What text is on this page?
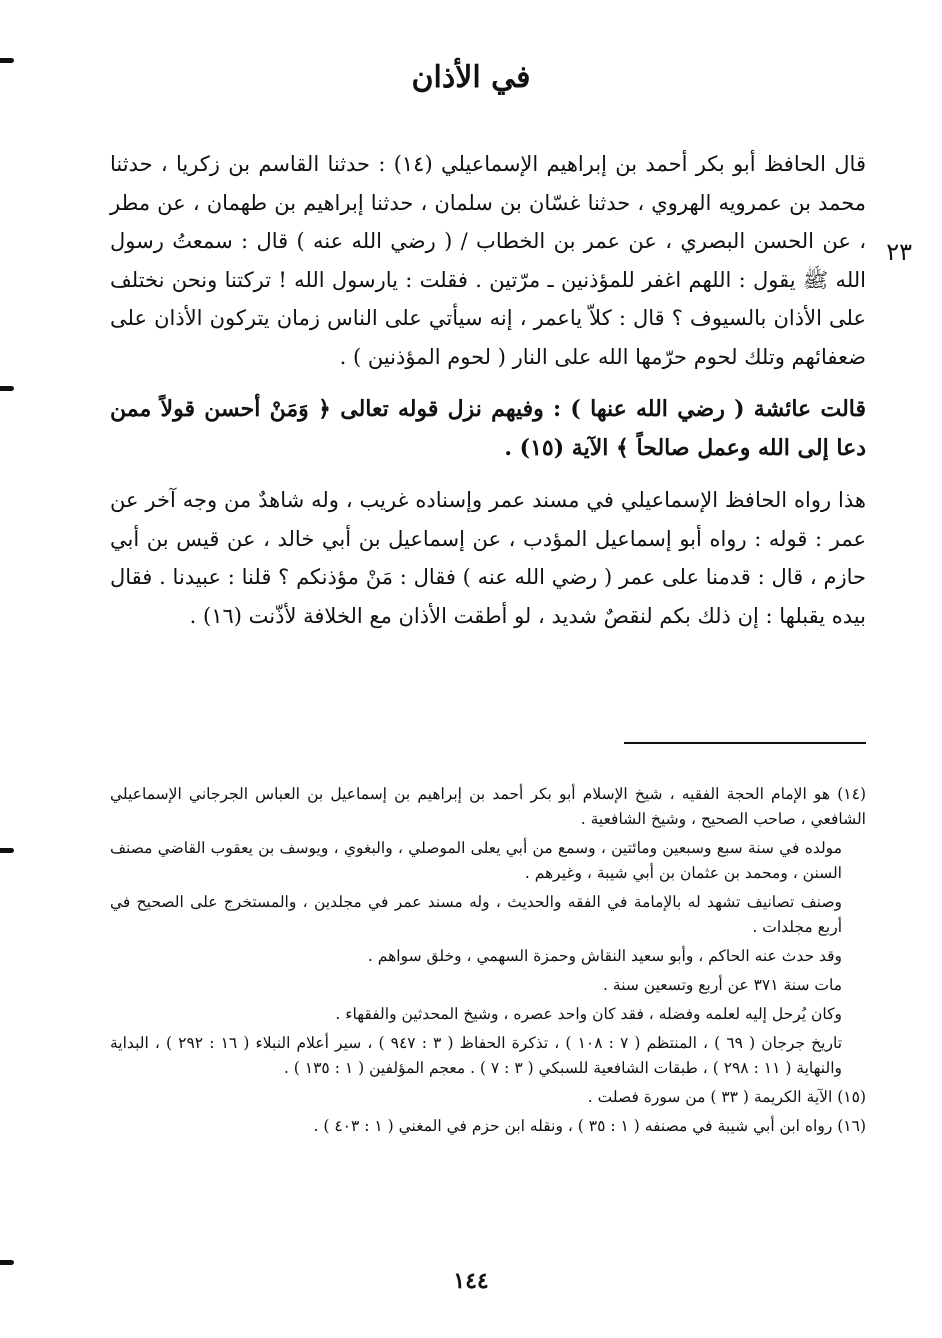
في الأذان
٢٣

قال الحافظ أبو بكر أحمد بن إبراهيم الإسماعيلي (١٤) : حدثنا القاسم بن زكريا ، حدثنا محمد بن عمرويه الهروي ، حدثنا غسّان بن سلمان ، حدثنا إبراهيم بن طهمان ، عن مطر ، عن الحسن البصري ، عن عمر بن الخطاب / ( رضي الله عنه ) قال : سمعتُ رسول الله ﷺ يقول : اللهم اغفر للمؤذنين ـ مرّتين . فقلت : يارسول الله ! تركتنا ونحن نختلف على الأذان بالسيوف ؟ قال : كلاّ ياعمر ، إنه سيأتي على الناس زمان يتركون الأذان على ضعفائهم وتلك لحوم حرّمها الله على النار ( لحوم المؤذنين ) .

قالت عائشة ( رضي الله عنها ) : وفيهم نزل قوله تعالى ﴿ وَمَنْ أحسن قولاً ممن دعا إلى الله وعمل صالحاً ﴾ الآية (١٥) .

هذا رواه الحافظ الإسماعيلي في مسند عمر وإسناده غريب ، وله شاهدٌ من وجه آخر عن عمر : قوله : رواه أبو إسماعيل المؤدب ، عن إسماعيل بن أبي خالد ، عن قيس بن أبي حازم ، قال : قدمنا على عمر ( رضي الله عنه ) فقال : مَنْ مؤذنكم ؟ قلنا : عبيدنا . فقال بيده يقبلها : إن ذلك بكم لنقصٌ شديد ، لو أطقت الأذان مع الخلافة لأذّنت (١٦) .

(١٤) هو الإمام الحجة الفقيه ، شيخ الإسلام أبو بكر أحمد بن إبراهيم بن إسماعيل بن العباس الجرجاني الإسماعيلي الشافعي ، صاحب الصحيح ، وشيخ الشافعية .

مولده في سنة سبع وسبعين ومائتين ، وسمع من أبي يعلى الموصلي ، والبغوي ، ويوسف بن يعقوب القاضي مصنف السنن ، ومحمد بن عثمان بن أبي شيبة ، وغيرهم .

وصنف تصانيف تشهد له بالإمامة في الفقه والحديث ، وله مسند عمر في مجلدين ، والمستخرج على الصحيح في أربع مجلدات .

وقد حدث عنه الحاكم ، وأبو سعيد النقاش وحمزة السهمي ، وخلق سواهم .

مات سنة ٣٧١ عن أربع وتسعين سنة .

وكان يُرحل إليه لعلمه وفضله ، فقد كان واحد عصره ، وشيخ المحدثين والفقهاء .

تاريخ جرجان ( ٦٩ ) ، المنتظم ( ٧ : ١٠٨ ) ، تذكرة الحفاظ ( ٣ : ٩٤٧ ) ، سير أعلام النبلاء ( ١٦ : ٢٩٢ ) ، البداية والنهاية ( ١١ : ٢٩٨ ) ، طبقات الشافعية للسبكي ( ٣ : ٧ ) . معجم المؤلفين ( ١ : ١٣٥ ) .

(١٥) الآية الكريمة ( ٣٣ ) من سورة فصلت .

(١٦) رواه ابن أبي شيبة في مصنفه ( ١ : ٣٥ ) ، ونقله ابن حزم في المغني ( ١ : ٤٠٣ ) .

١٤٤
